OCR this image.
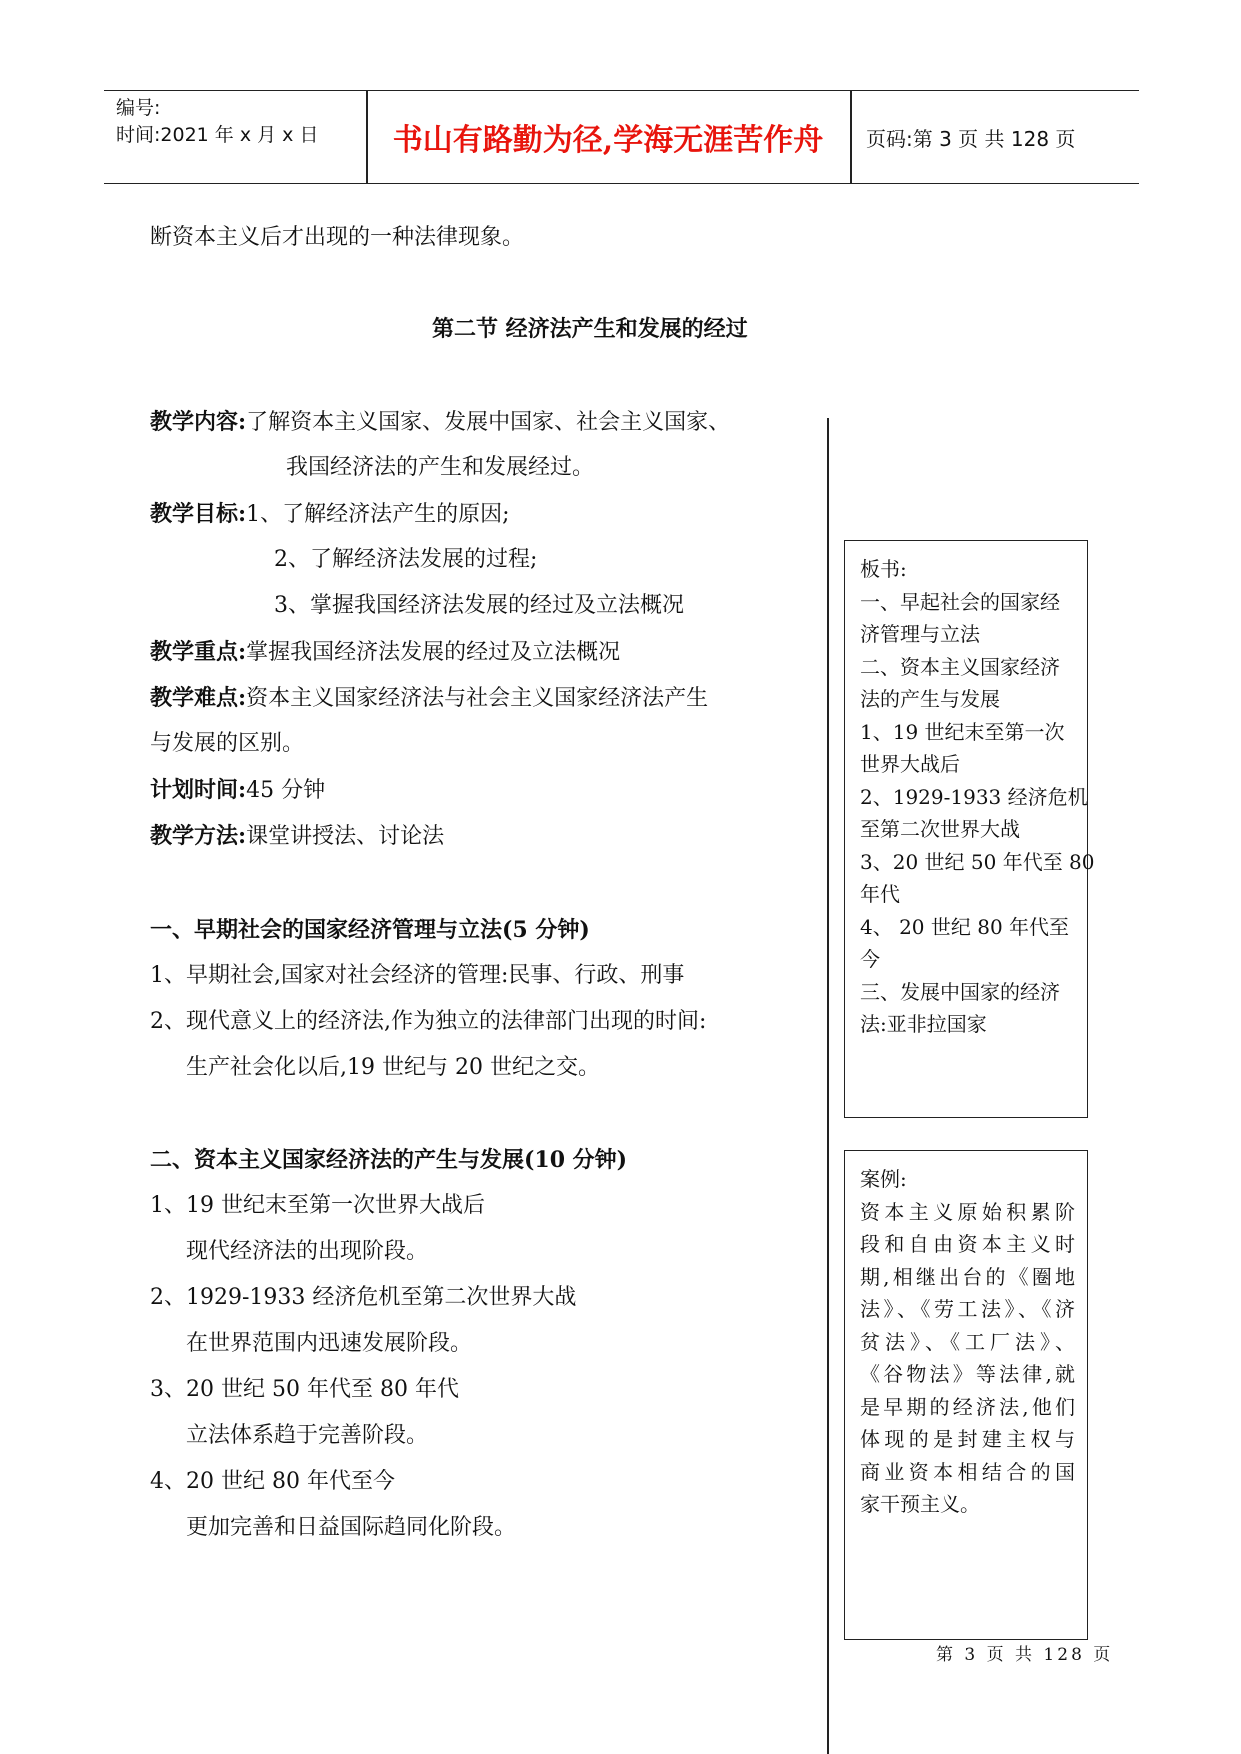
编号:
时间:2021 年 x 月 x 日	书山有路勤为径,学海无涯苦作舟	页码:第 3 页 共 128 页
断资本主义后才出现的一种法律现象。
第二节 经济法产生和发展的经过
教学内容:了解资本主义国家、发展中国家、社会主义国家、
我国经济法的产生和发展经过。
教学目标:1、了解经济法产生的原因;
2、了解经济法发展的过程;
3、掌握我国经济法发展的经过及立法概况
教学重点:掌握我国经济法发展的经过及立法概况
教学难点:资本主义国家经济法与社会主义国家经济法产生
与发展的区别。
计划时间:45 分钟
教学方法:课堂讲授法、讨论法
一、早期社会的国家经济管理与立法(5 分钟)
1、早期社会,国家对社会经济的管理:民事、行政、刑事
2、现代意义上的经济法,作为独立的法律部门出现的时间:
生产社会化以后,19 世纪与 20 世纪之交。
二、资本主义国家经济法的产生与发展(10 分钟)
1、19 世纪末至第一次世界大战后
现代经济法的出现阶段。
2、1929-1933 经济危机至第二次世界大战
在世界范围内迅速发展阶段。
3、20 世纪 50 年代至 80 年代
立法体系趋于完善阶段。
4、20 世纪 80 年代至今
更加完善和日益国际趋同化阶段。
板书:
一、早起社会的国家经
济管理与立法
二、资本主义国家经济
法的产生与发展
1、19 世纪末至第一次
世界大战后
2、1929-1933 经济危机
至第二次世界大战
3、20 世纪 50 年代至 80
年代
4、 20 世纪 80 年代至
今
三、发展中国家的经济
法:亚非拉国家
案例:
资本主义原始积累阶
段和自由资本主义时
期,相继出台的《圈地
法》、《劳工法》、《济
贫法》、《工厂法》、
《谷物法》等法律,就
是早期的经济法,他们
体现的是封建主权与
商业资本相结合的国
家干预主义。
第 3 页 共 128 页
